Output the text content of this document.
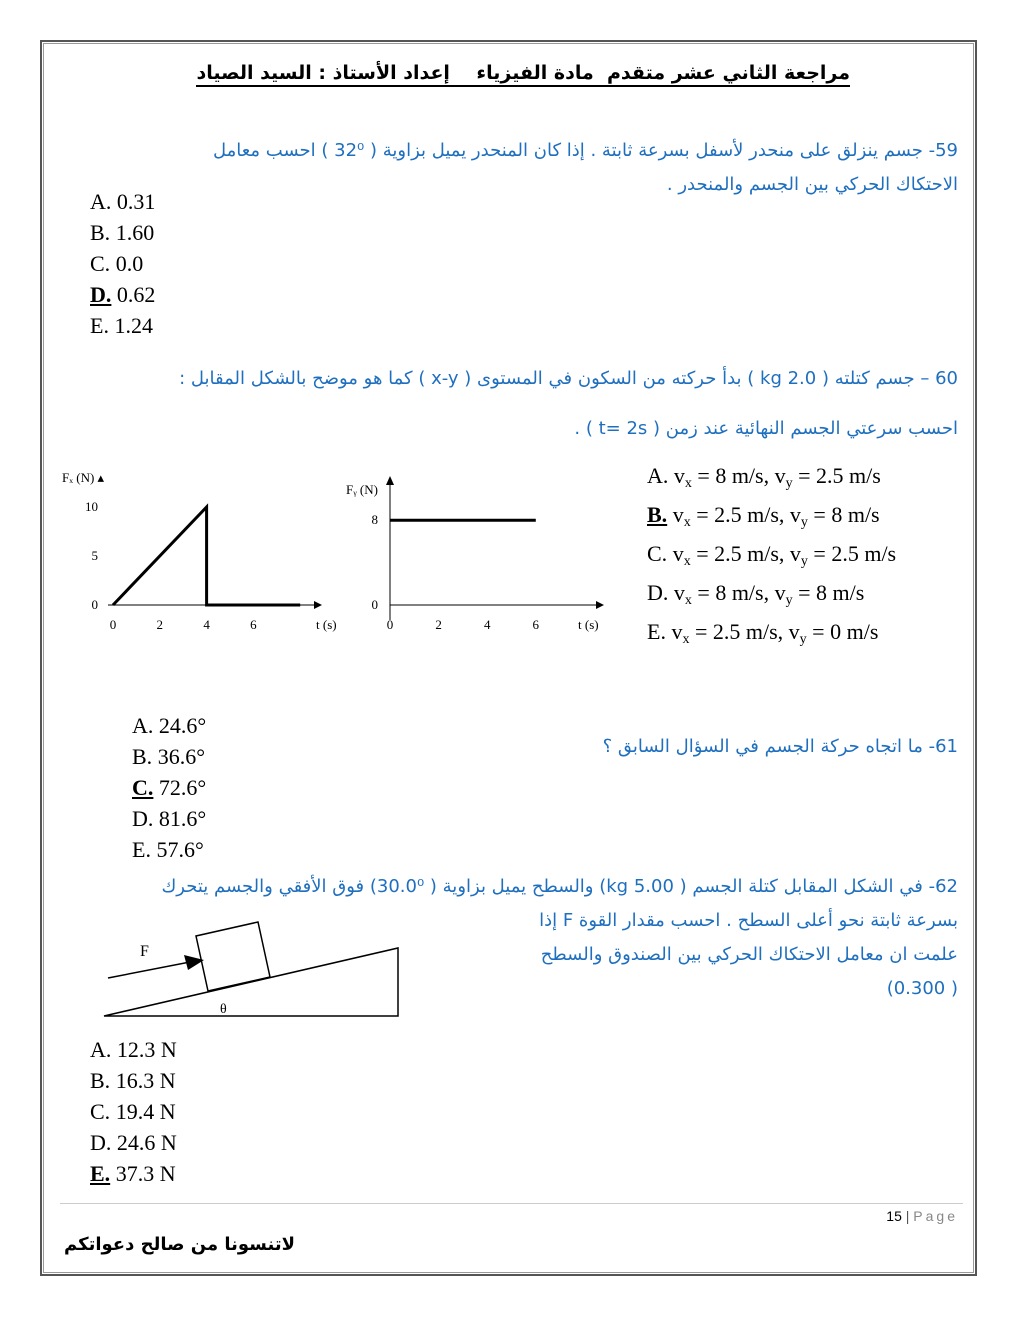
مراجعة الثاني عشر متقدم  مادة الفيزياء    إعداد الأستاذ : السيد الصياد
59- جسم ينزلق على منحدر لأسفل بسرعة ثابتة . إذا كان المنحدر يميل بزاوية ( 32⁰ ) احسب معامل
الاحتكاك الحركي بين الجسم والمنحدر .
A. 0.31
B. 1.60
C. 0.0
D. 0.62
E. 1.24
60 – جسم كتلته ( 2.0 kg ) بدأ حركته من السكون في المستوى ( x-y ) كما هو موضح بالشكل المقابل :
احسب سرعتي الجسم النهائية عند زمن ( t= 2s ) .
Fₓ (N) ▴
10
5
0
0	2	4	6	t (s)
Fᵧ (N)
8
0
0	2	4	6	t (s)
A. $v_x = 8$ m/s, $v_y = 2.5$ m/s
B. $v_x = 2.5$ m/s, $v_y = 8$ m/s
C. $v_x = 2.5$ m/s, $v_y = 2.5$ m/s
D. $v_x = 8$ m/s, $v_y = 8$ m/s
E. $v_x = 2.5$ m/s, $v_y = 0$ m/s
61- ما اتجاه حركة الجسم في السؤال السابق ؟
A. 24.6°
B. 36.6°
C. 72.6°
D. 81.6°
E. 57.6°
62- في الشكل المقابل كتلة الجسم ( 5.00 kg) والسطح يميل بزاوية ( 30.0⁰) فوق الأفقي والجسم يتحرك
بسرعة ثابتة نحو أعلى السطح . احسب مقدار القوة F إذا
علمت ان معامل الاحتكاك الحركي بين الصندوق والسطح
(0.300 )
F
θ
A. 12.3 N
B. 16.3 N
C. 19.4 N
D. 24.6 N
E. 37.3 N
15 | Page
لاتنسونا من صالح دعواتكم
